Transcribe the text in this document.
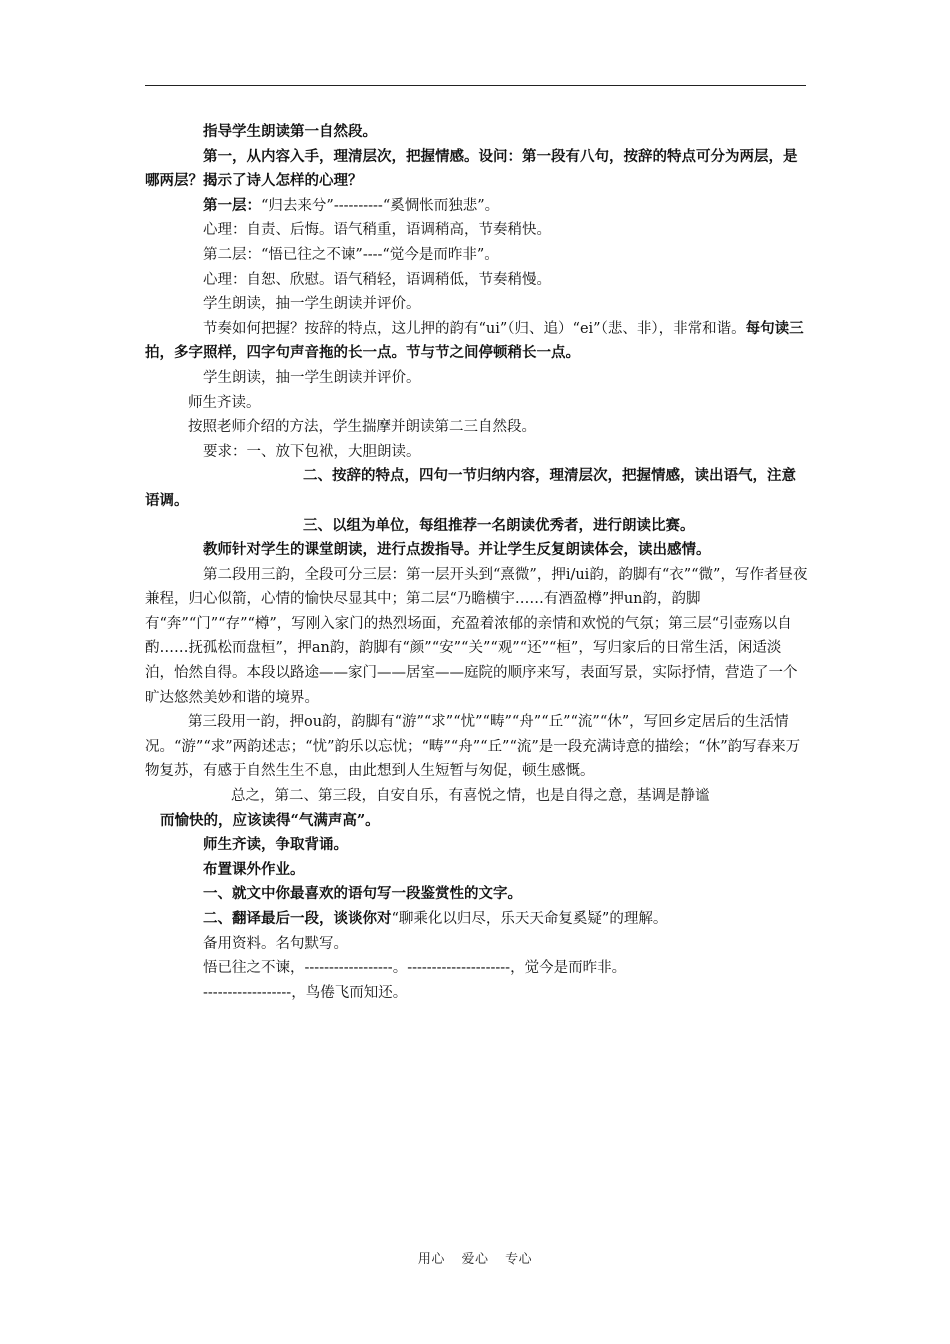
指导学生朗读第一自然段。

第一，从内容入手，理清层次，把握情感。设问：第一段有八句，按辞的特点可分为两层，是哪两层？揭示了诗人怎样的心理？

第一层：“归去来兮”----------“奚惆怅而独悲”。

心理：自责、后悔。语气稍重，语调稍高，节奏稍快。

第二层：“悟已往之不谏”----“觉今是而昨非”。

心理：自恕、欣慰。语气稍轻，语调稍低，节奏稍慢。

学生朗读，抽一学生朗读并评价。

节奏如何把握？按辞的特点，这儿押的韵有“ui”（归、追）“ei”（悲、非），非常和谐。每句读三拍，多字照样，四字句声音拖的长一点。节与节之间停顿稍长一点。

学生朗读，抽一学生朗读并评价。

师生齐读。

按照老师介绍的方法，学生揣摩并朗读第二三自然段。

要求：一、放下包袱，大胆朗读。

二、按辞的特点，四句一节归纳内容，理清层次，把握情感，读出语气，注意语调。

三、以组为单位，每组推荐一名朗读优秀者，进行朗读比赛。

教师针对学生的课堂朗读，进行点拨指导。并让学生反复朗读体会，读出感情。

第二段用三韵，全段可分三层：第一层开头到“熹微”，押i/ui韵，韵脚有“衣”“微”，写作者昼夜兼程，归心似箭，心情的愉快尽显其中；第二层“乃瞻横宇……有酒盈樽”押un韵，韵脚有“奔”“门”“存”“樽”，写刚入家门的热烈场面，充盈着浓郁的亲情和欢悦的气氛；第三层“引壶殇以自酌……抚孤松而盘桓”，押an韵，韵脚有“颜”“安”“关”“观”“还”“桓”，写归家后的日常生活，闲适淡泊，怡然自得。本段以路途——家门——居室——庭院的顺序来写，表面写景，实际抒情，营造了一个旷达悠然美妙和谐的境界。

第三段用一韵，押ou韵，韵脚有“游”“求”“忧”“畴”“舟”“丘”“流”“休”，写回乡定居后的生活情况。“游”“求”两韵述志；“忧”韵乐以忘忧；“畴”“舟”“丘”“流”是一段充满诗意的描绘；“休”韵写春来万物复苏，有感于自然生生不息，由此想到人生短暂与匆促，顿生感慨。

总之，第二、第三段，自安自乐，有喜悦之情，也是自得之意，基调是静谧

而愉快的，应该读得“气满声高”。

师生齐读，争取背诵。

布置课外作业。

一、就文中你最喜欢的语句写一段鉴赏性的文字。

二、翻译最后一段，谈谈你对“聊乘化以归尽，乐天天命复奚疑”的理解。

备用资料。名句默写。

悟已往之不谏，------------------。---------------------，觉今是而昨非。

------------------，鸟倦飞而知还。

用心 爱心 专心
